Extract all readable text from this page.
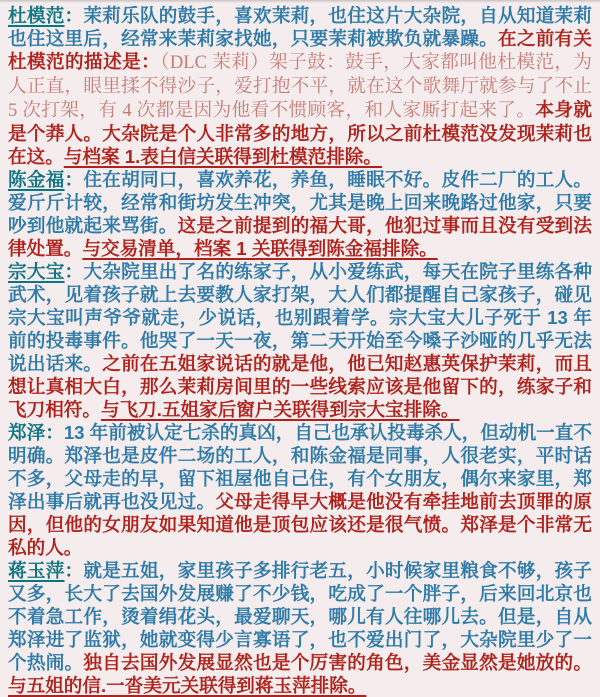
杜模范：茉莉乐队的鼓手，喜欢茉莉，也住这片大杂院，自从知道茉莉也住这里后，经常来茉莉家找她，只要茉莉被欺负就暴躁。在之前有关杜模范的描述是：（DLC 茉莉）架子鼓：鼓手，大家都叫他杜模范，为人正直，眼里揉不得沙子，爱打抱不平，就在这个歌舞厅就参与了不止 5 次打架，有 4 次都是因为他看不惯顾客，和人家厮打起来了。本身就是个莽人。大杂院是个人非常多的地方，所以之前杜模范没发现茉莉也在这。与档案 1.表白信关联得到杜模范排除。
陈金福：住在胡同口，喜欢养花，养鱼，睡眠不好。皮件二厂的工人。爱斤斤计较，经常和街坊发生冲突，尤其是晚上回来晚路过他家，只要吵到他就起来骂街。这是之前提到的福大哥，他犯过事而且没有受到法律处置。与交易清单，档案 1 关联得到陈金福排除。
宗大宝：大杂院里出了名的练家子，从小爱练武，每天在院子里练各种武术，见着孩子就上去要教人家打架，大人们都提醒自己家孩子，碰见宗大宝叫声爷爷就走，少说话，也别跟着学。宗大宝大儿子死于 13 年前的投毒事件。他哭了一天一夜，第二天开始至今嗓子沙哑的几乎无法说出话来。之前在五姐家说话的就是他，他已知赵惠英保护茉莉，而且想让真相大白，那么茉莉房间里的一些线索应该是他留下的，练家子和飞刀相符。与飞刀.五姐家后窗户关联得到宗大宝排除。
郑泽：13 年前被认定七杀的真凶，自己也承认投毒杀人，但动机一直不明确。郑泽也是皮件二场的工人，和陈金福是同事，人很老实，平时话不多，父母走的早，留下祖屋他自己住，有个女朋友，偶尔来家里，郑泽出事后就再也没见过。父母走得早大概是他没有牵挂地前去顶罪的原因，但他的女朋友如果知道他是顶包应该还是很气愤。郑泽是个非常无私的人。
蒋玉萍：就是五姐，家里孩子多排行老五，小时候家里粮食不够，孩子又多，长大了去国外发展赚了不少钱，吃成了一个胖子，后来回北京也不着急工作，烫着绢花头，最爱聊天，哪儿有人往哪儿去。但是，自从郑泽进了监狱，她就变得少言寡语了，也不爱出门了，大杂院里少了一个热闹。独自去国外发展显然也是个厉害的角色，美金显然是她放的。与五姐的信.一沓美元关联得到蒋玉萍排除。
